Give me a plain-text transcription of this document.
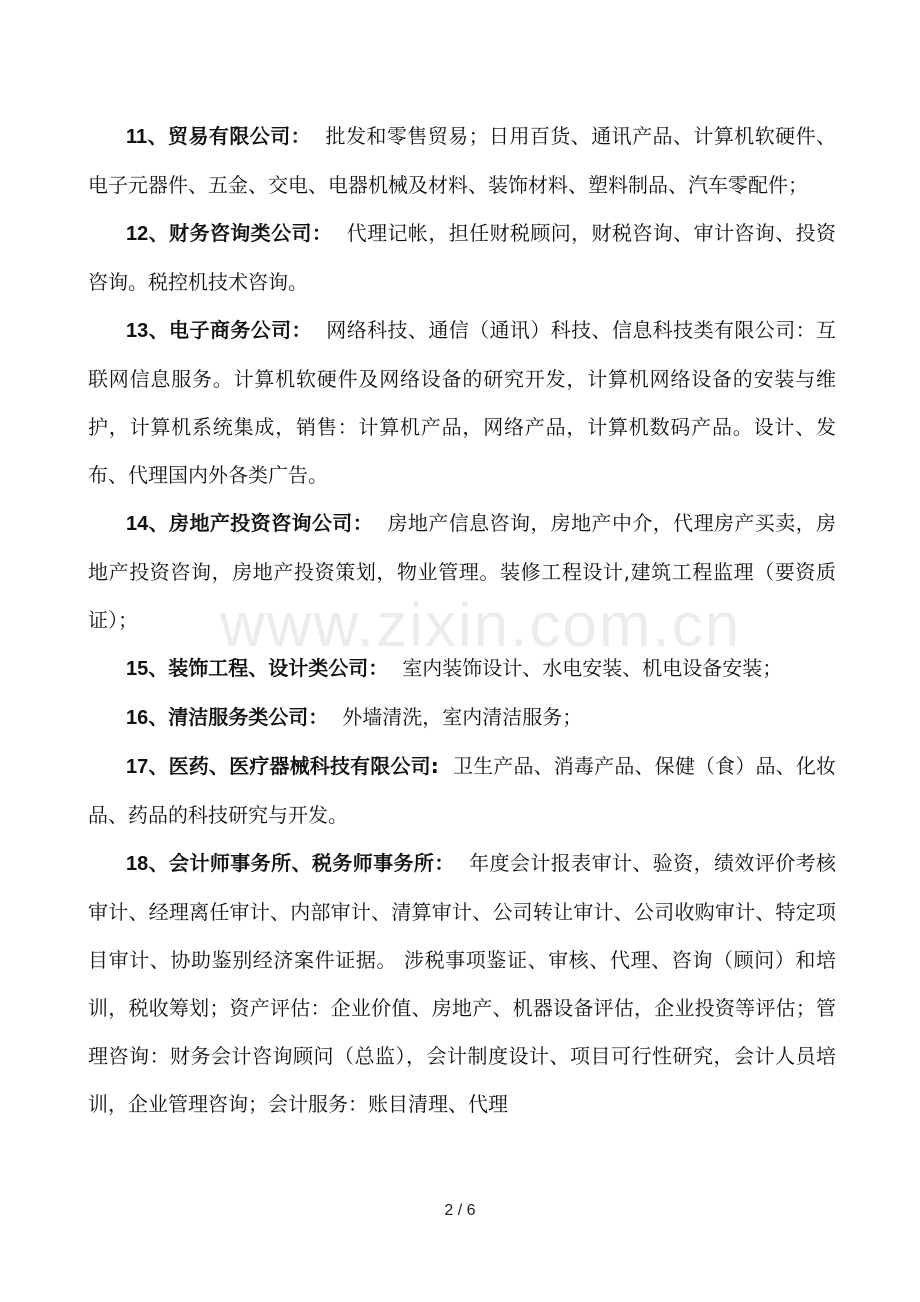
www.zixin.com.cn

11、贸易有限公司： 批发和零售贸易；日用百货、通讯产品、计算机软硬件、电子元器件、五金、交电、电器机械及材料、装饰材料、塑料制品、汽车零配件；

12、财务咨询类公司： 代理记帐，担任财税顾问，财税咨询、审计咨询、投资咨询。税控机技术咨询。

13、电子商务公司： 网络科技、通信（通讯）科技、信息科技类有限公司：互联网信息服务。计算机软硬件及网络设备的研究开发，计算机网络设备的安装与维护，计算机系统集成，销售：计算机产品，网络产品，计算机数码产品。设计、发布、代理国内外各类广告。

14、房地产投资咨询公司： 房地产信息咨询，房地产中介，代理房产买卖，房地产投资咨询，房地产投资策划，物业管理。装修工程设计,建筑工程监理（要资质证）；

15、装饰工程、设计类公司： 室内装饰设计、水电安装、机电设备安装；

16、清洁服务类公司： 外墙清洗，室内清洁服务；

17、医药、医疗器械科技有限公司: 卫生产品、消毒产品、保健（食）品、化妆品、药品的科技研究与开发。

18、会计师事务所、税务师事务所： 年度会计报表审计、验资，绩效评价考核审计、经理离任审计、内部审计、清算审计、公司转让审计、公司收购审计、特定项目审计、协助鉴别经济案件证据。 涉税事项鉴证、审核、代理、咨询（顾问）和培训，税收筹划；资产评估：企业价值、房地产、机器设备评估，企业投资等评估；管理咨询：财务会计咨询顾问（总监），会计制度设计、项目可行性研究，会计人员培训，企业管理咨询；会计服务：账目清理、代理

2 / 6
